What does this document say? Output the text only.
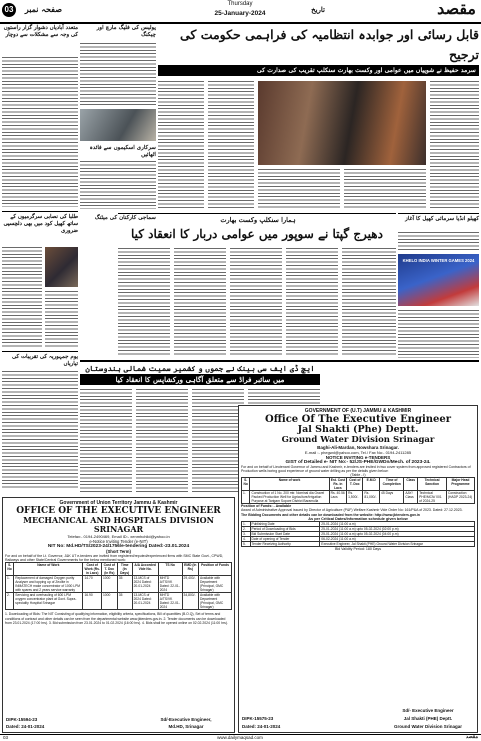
03	صفحہ نمبر	Thursday
25-January-2024	تاریخ	مقصد
متعدد آبادیاں دشوار گزار راستوں کی وجہ سے مشکلات سے دوچار
طلبا کی نصابی سرگرمیوں کے ساتھ کھیل کود میں بھی دلچسپی ضروری
یوم جمہوریہ کی تقریبات کی تیاریاں
پولیس کی فلیگ مارچ اور چیکنگ
سرکاری اسکیموں سے فائدہ اٹھائیں
سماجی کارکنان کی میٹنگ
قابل رسائی اور جوابدہ انتظامیہ کی فراہمی حکومت کی ترجیح
سرمد حفیظ نے شوپیاں میں عوامی اور وکست بھارت سنکلپ تقریب کی صدارت کی
ہمارا سنکلپ وکست بھارت
دھیرج گپتا نے سوپور میں عوامی دربار کا انعقاد کیا
کھیلو انڈیا سرمائی کھیل کا آغاز
KHELO INDIA WINTER GAMES 2024
ایچ ڈی ایف سی بینک نے جموں و کشمیر سمیت شمالی ہندوستان
میں سائبر فراڈ سے متعلق آگاہی ورکشاپس کا انعقاد کیا
GOVERNMENT OF (U.T) JAMMU & KASHMIR
Office Of The Executive Engineer
Jal Shakti (Phe) Deptt.
Ground Water Division Srinagar
Baghi-Ali-Mardan, Nowshara Srinagar.
E-mail :- phegwd@yahoo.com, Tel./ Fax No:- 0194-2411285
NOTICE INVITING e-TENDERS
GIST of Detailed e- NIT No:- 52/JS-PHE/GWDn/Mech. of 2023-24.
For and on behalf of Lieutenant Governor of Jammu and Kashmir, e-tenders are invited in two cover system from approved registered Contractors of Production wells boring good experience of ground water drilling as per the details given below:
(Table - I)
S. No	Name of work	Est. Cost Rs. in Lacs	Cost of T. Doc	E.M.D	Time of Completion	Class	Technical Sanction	Major Head Programme
1.	Construction of 1 No. 200 mtr. Nominal dia Gravel Packed Production Well for Agriculture/Irrigation Purpose at Tarigam Sopore District Baramulla	Rs. 40.56 Lacs	Rs. 1,500/-	Rs. 81,000/-	45 Days	AAY/ Class	Technical PHE/MCN/ 001 of 2024-25	Construction (HADP 2023-24)
Position of Funds: - Available
Award of Administrative Approval issued by Director of Agriculture (P&F) Welfare Kashmir Vide Order No: 161/P&A of 2023. Dated: 27.12.2023.
The Bidding Documents and other details can be downloaded from the website: http://www.jktenders.gov.in
As per Critical Dates/Information schedule given below
1.	Publishing Date	25-01-2024 (11:00 a.m)
2.	Period of Downloading of Bids	25-01-2024 (11:00 a.m) upto 05-02-2024 (02:00 p.m)
3.	Bid Submission Start Date	25-01-2024 (11:00 a.m) upto 05-02-2024 (04:00 p.m)
4.	Date of opening of Tender	06-02-2024 (11:00 a.m)
5.	Tender Receiving Authority	Executive Engineer, Jal Shakti (PHE) Ground Water Division Srinagar
Bid Validity Period: 180 Days
DIPK-15575-23
Dated: 24-01-2024
Sd/- Executive Engineer
Jal Shakti (PHE) Deptt.
Ground Water Division Srinagar
Government of Union Territory Jammu & Kashmir
OFFICE OF THE EXECUTIVE ENGINEER
MECHANICAL AND HOSPITALS DIVISION
SRINAGAR
Telefax:- 0194-2490469, Email ID:- xenmhchild@yahoo.in
e-Notice Inviting Tender (e-NIT)
NIT No: Md.HD/TS/2023-24/1756/e-tendering Dated:-23.01.2024
(Short Term)
For and on behalf of the Lt. Governor, J&K UT e-tenders are invited from registered/reputed/experienced firms with SMC State Govt., CPWD, Railways and other State/Central Governments for the below mentioned work:
S. No	Name of Work	Cost of Work (Rs. in Lacs)	Cost of T. Doc (In Rs)	Time (In Days)	A/A Accorded Vide No.	TS No	EMD (In Rs)	Position of Funds
1.	Replacement of damaged Oxygen purity Analyser and topping up of Zeolite in INMATECH make concentrator of 1000 LPM with spares and 2 years service warranty	14.70	1000	35	13-MCS of 2024 Dated: 20-01-2024	MHTD A/TS/VK Dated: 22-01-2024	29,400/-	Available with Department (Principal, GMC Srinagar)
2.	Servicing and overhauling of 600 LPM oxygen concentrator plant at Govt. Supra-speciality Hospital Srinagar	16.90	1000	35	13-MCS of 2024 Dated: 20-01-2024	MHTD A/TS/VK Dated: 22-01-2024	34,800/-	Available with Department (Principal, GMC Srinagar)
1. Downloading of Bids: The NIT Consisting of qualifying information, eligibility criteria, specifications, Bill of quantities (B.O.Q), Set of terms and conditions of contract and other details can be seen from the departmental website www.jktenders.gov.in. 2. Tender documents can be downloaded from 23.01.2024 (17:00 hrs). 3. Bid submission from 23.01.2024 to 01.02.2024 (16:00 hrs). 4. Bids shall be opened online on 02.02.2024 (11:00 hrs).
DIPK-15594-23
Dated: 24-01-2024
Sd/-Executive Engineer,
Md.HD, Srinagar
03	www.dailymaqsad.com	مقصد
